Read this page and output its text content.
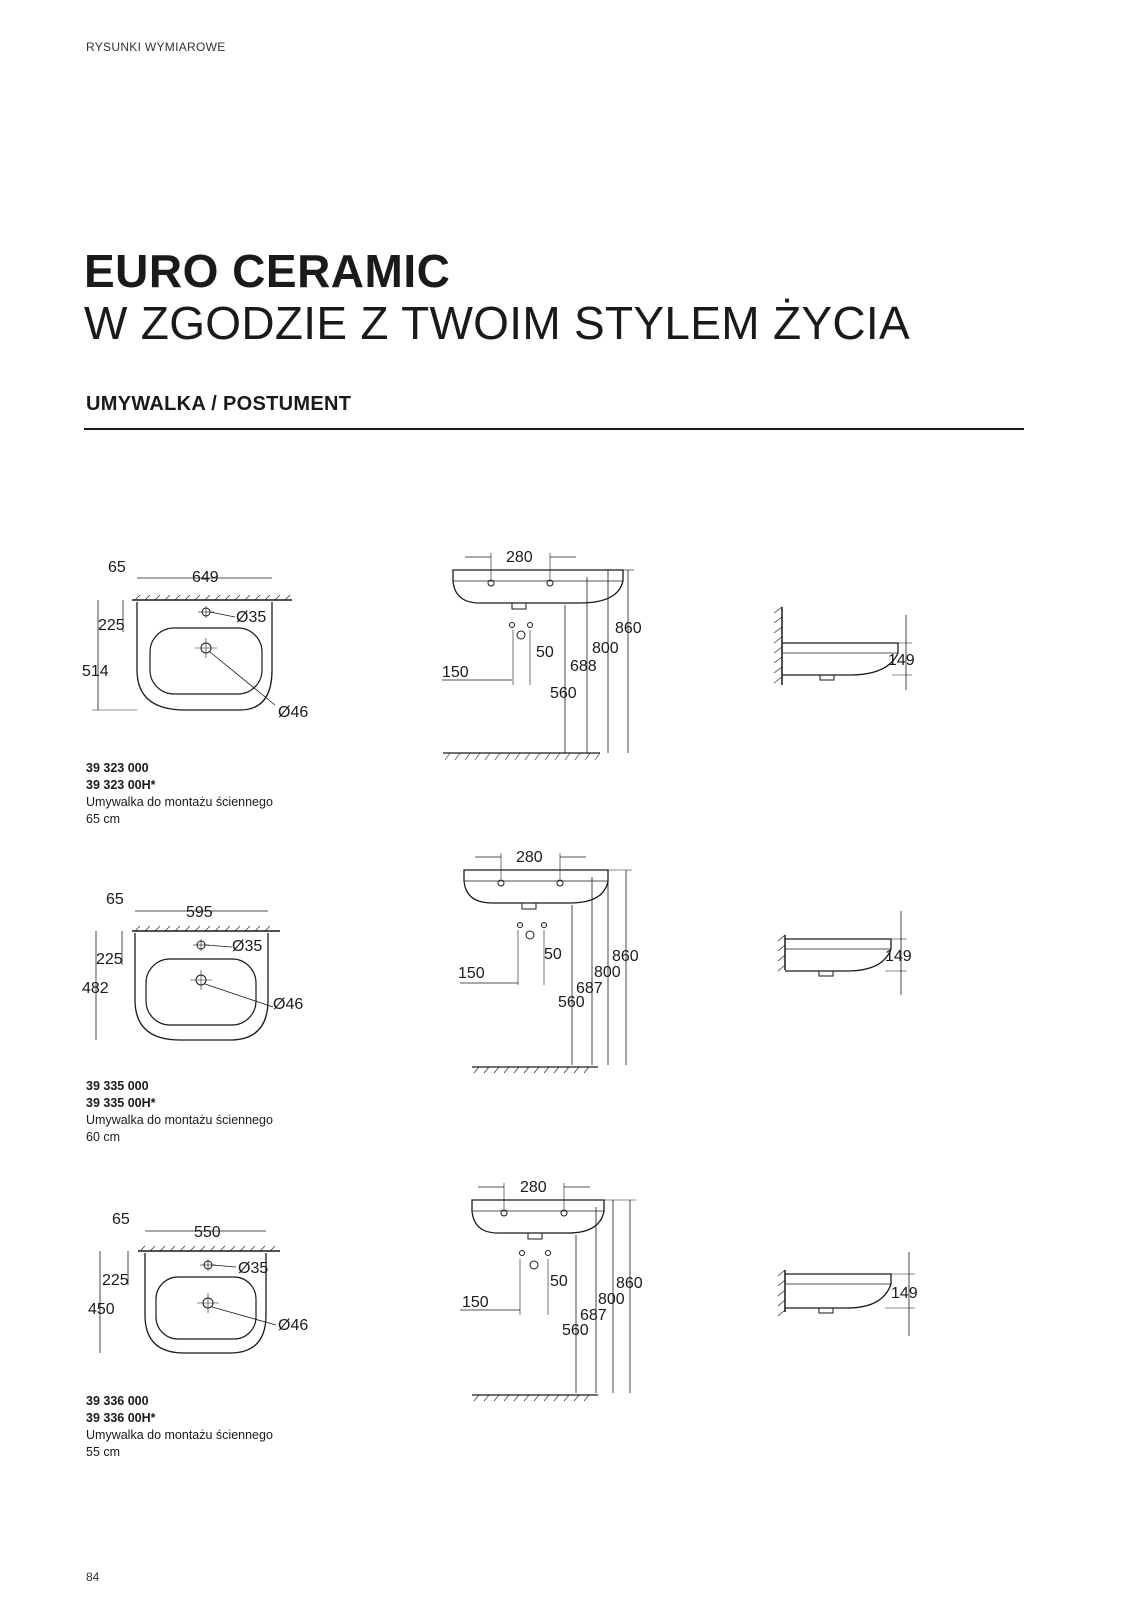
RYSUNKI WYMIAROWE
EURO CERAMIC
W ZGODZIE Z TWOIM STYLEM ŻYCIA
UMYWALKA / POSTUMENT
65
649
225
514
Ø35
Ø46
280
150
50
860
800
688
560
149
39 323 000
39 323 00H*
Umywalka do montażu ściennego
65 cm
65
595
225
482
Ø35
Ø46
280
150
50	860
800
687
560
149
39 335 000
39 335 00H*
Umywalka do montażu ściennego
60 cm
65
550
225
450
Ø35
Ø46
280
150
50	860
800
687
560
149
39 336 000
39 336 00H*
Umywalka do montażu ściennego
55 cm
84
